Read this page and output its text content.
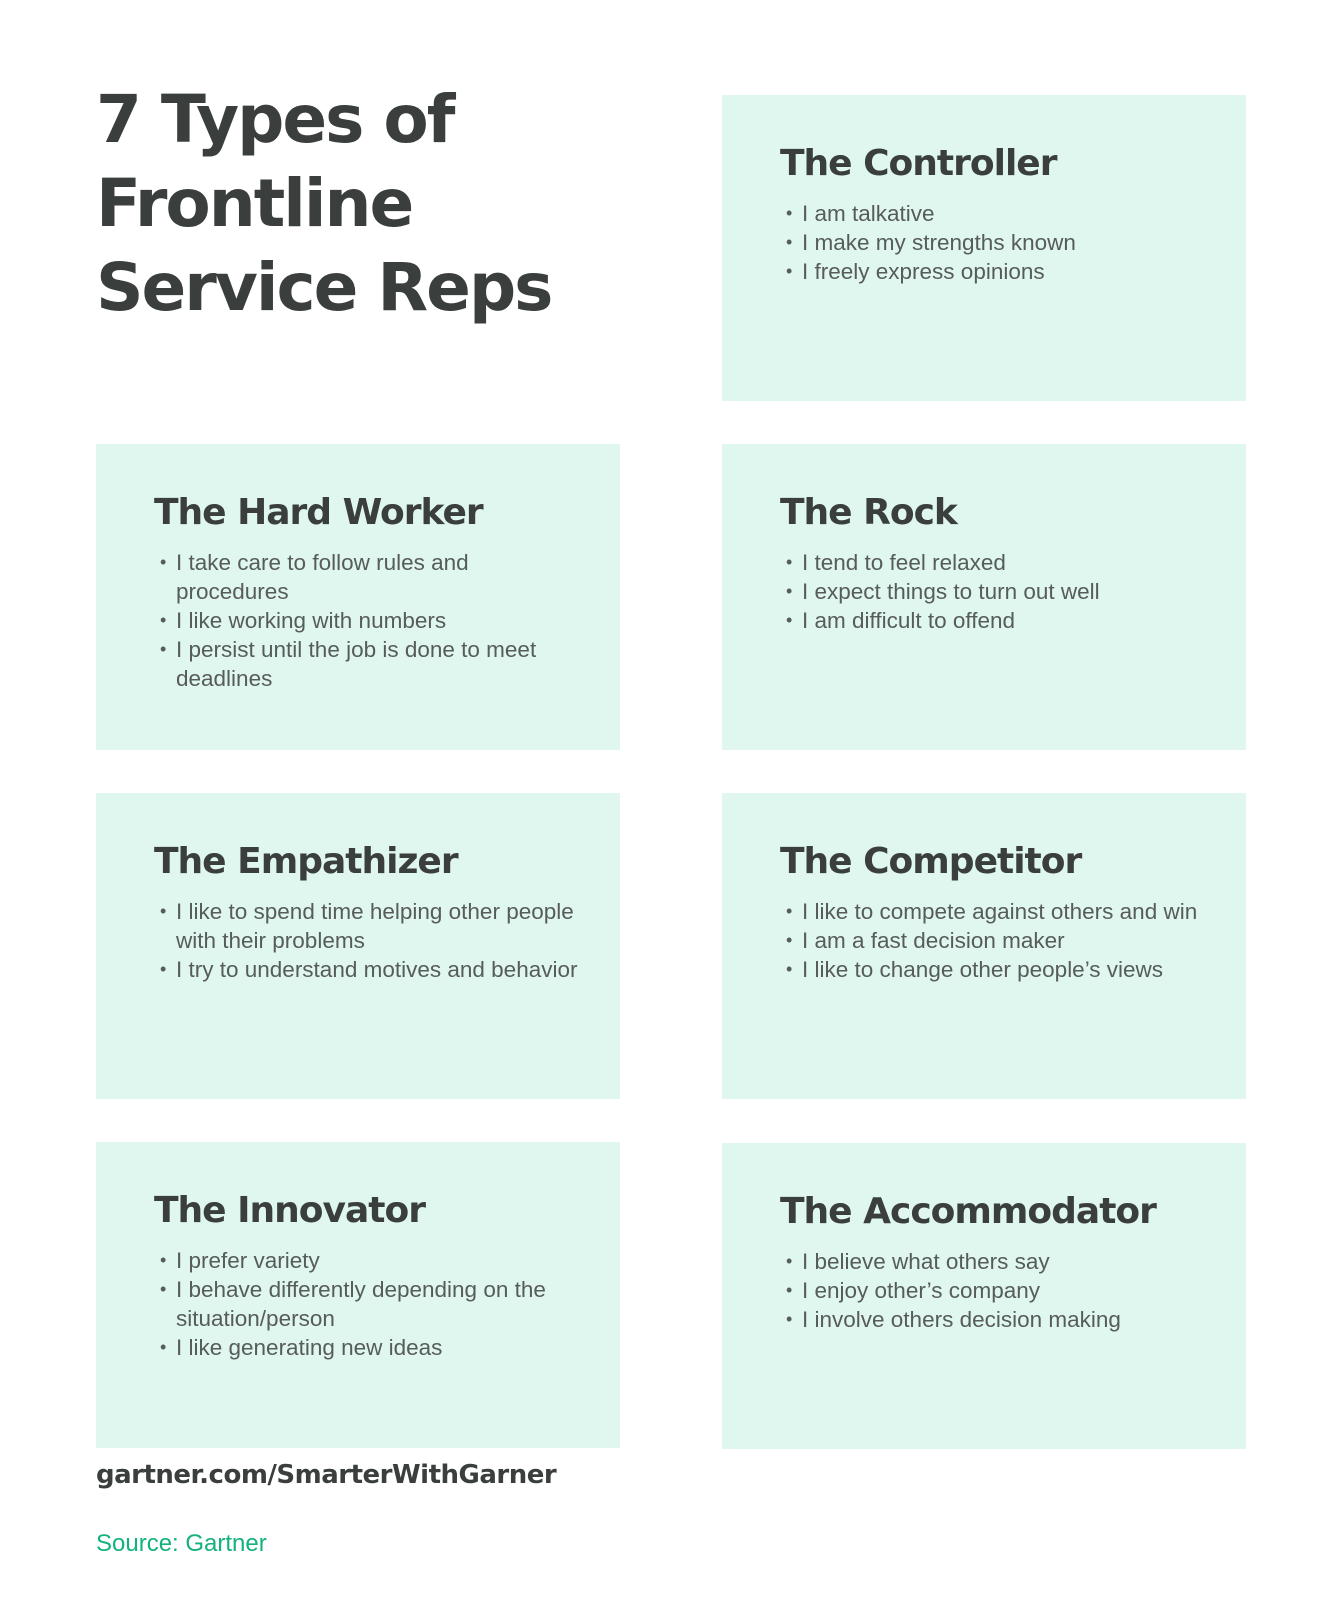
7 Types of Frontline Service Reps
The Controller
• I am talkative
• I make my strengths known
• I freely express opinions
The Hard Worker
• I take care to follow rules and procedures
• I like working with numbers
• I persist until the job is done to meet deadlines
The Rock
• I tend to feel relaxed
• I expect things to turn out well
• I am difficult to offend
The Empathizer
• I like to spend time helping other people with their problems
• I try to understand motives and behavior
The Competitor
• I like to compete against others and win
• I am a fast decision maker
• I like to change other people’s views
The Innovator
• I prefer variety
• I behave differently depending on the situation/person
• I like generating new ideas
The Accommodator
• I believe what others say
• I enjoy other’s company
• I involve others decision making

gartner.com/SmarterWithGarner

Source: Gartner
